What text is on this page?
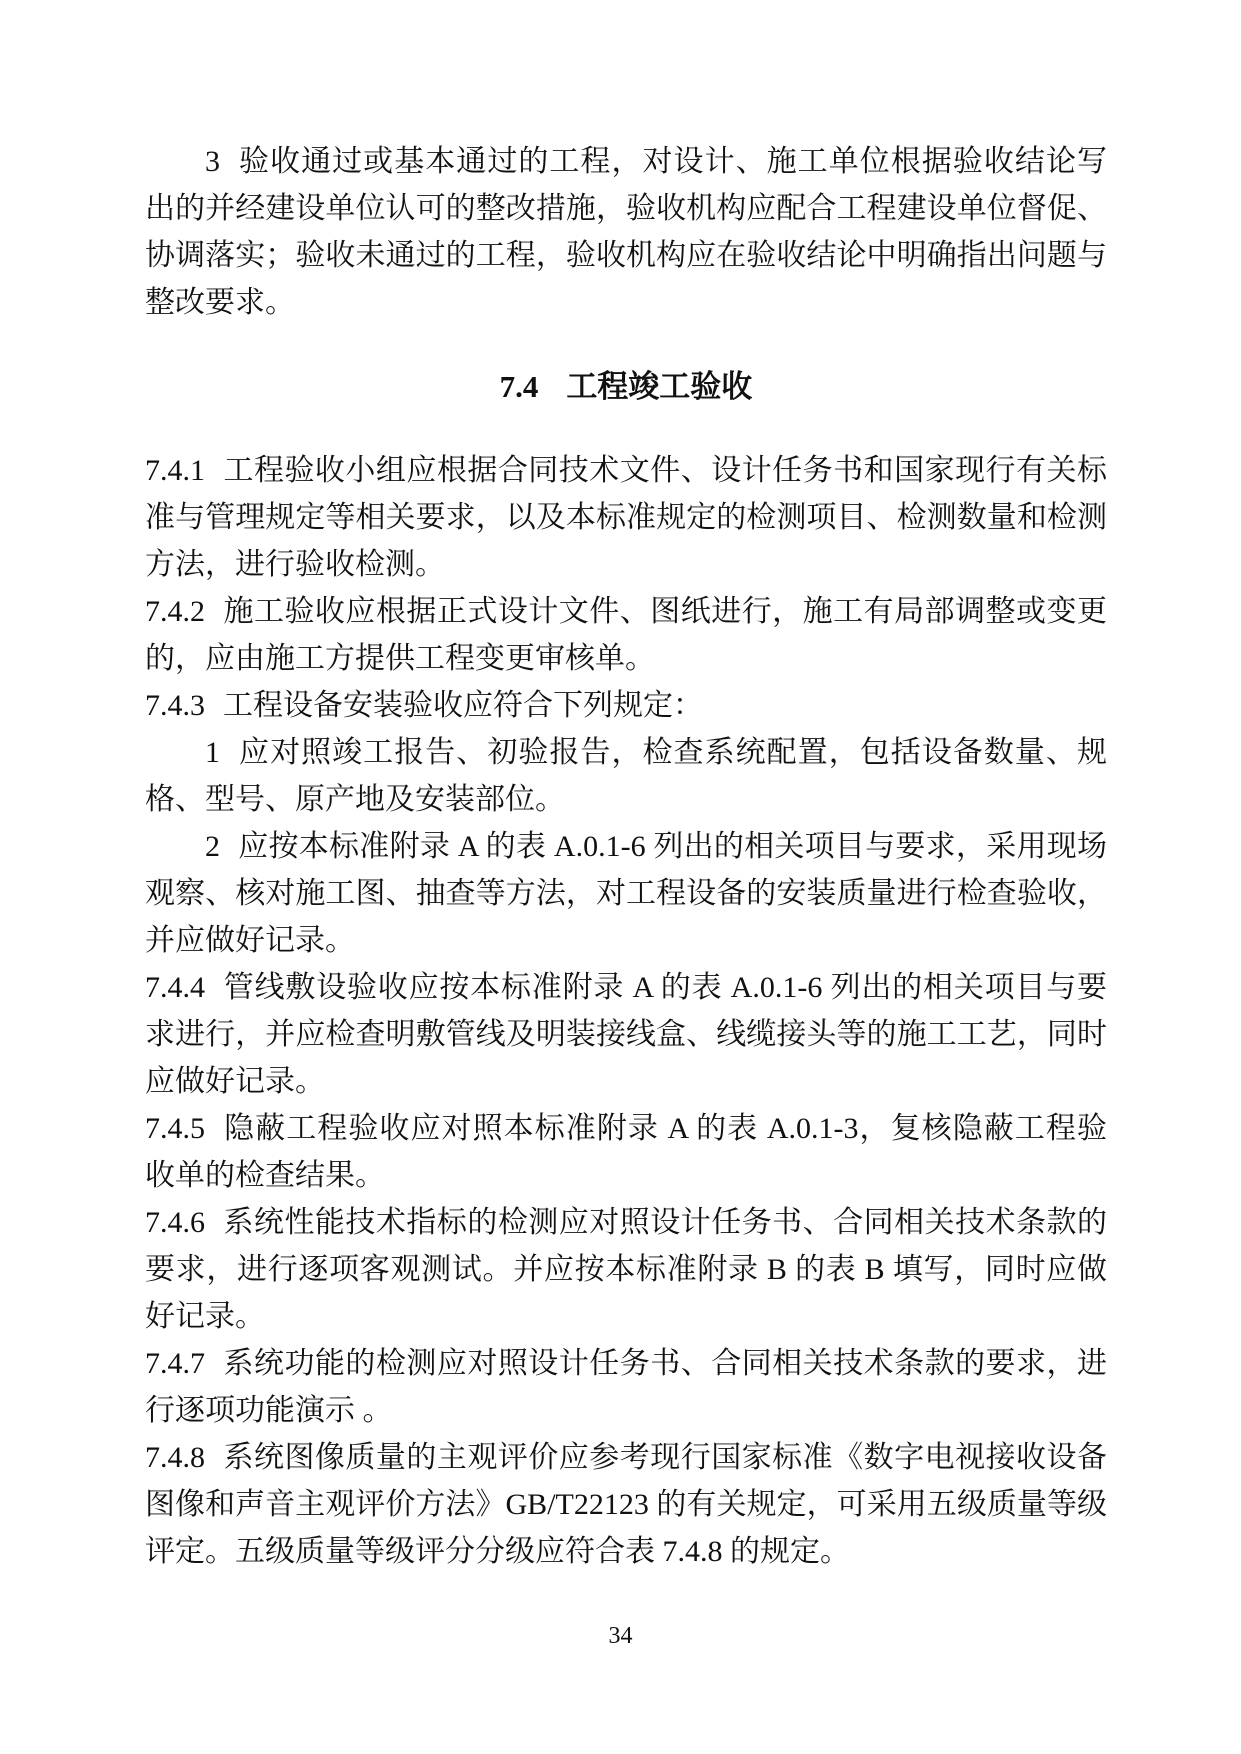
3 验收通过或基本通过的工程，对设计、施工单位根据验收结论写出的并经建设单位认可的整改措施，验收机构应配合工程建设单位督促、协调落实；验收未通过的工程，验收机构应在验收结论中明确指出问题与整改要求。

7.4 工程竣工验收

7.4.1 工程验收小组应根据合同技术文件、设计任务书和国家现行有关标准与管理规定等相关要求，以及本标准规定的检测项目、检测数量和检测方法，进行验收检测。

7.4.2 施工验收应根据正式设计文件、图纸进行，施工有局部调整或变更的，应由施工方提供工程变更审核单。

7.4.3 工程设备安装验收应符合下列规定：

1 应对照竣工报告、初验报告，检查系统配置，包括设备数量、规格、型号、原产地及安装部位。

2 应按本标准附录 A 的表 A.0.1-6 列出的相关项目与要求，采用现场观察、核对施工图、抽查等方法，对工程设备的安装质量进行检查验收，并应做好记录。

7.4.4 管线敷设验收应按本标准附录 A 的表 A.0.1-6 列出的相关项目与要求进行，并应检查明敷管线及明装接线盒、线缆接头等的施工工艺，同时应做好记录。

7.4.5 隐蔽工程验收应对照本标准附录 A 的表 A.0.1-3，复核隐蔽工程验收单的检查结果。

7.4.6 系统性能技术指标的检测应对照设计任务书、合同相关技术条款的要求，进行逐项客观测试。并应按本标准附录 B 的表 B 填写，同时应做好记录。

7.4.7 系统功能的检测应对照设计任务书、合同相关技术条款的要求，进行逐项功能演示 。

7.4.8 系统图像质量的主观评价应参考现行国家标准《数字电视接收设备图像和声音主观评价方法》GB/T22123 的有关规定，可采用五级质量等级评定。五级质量等级评分分级应符合表 7.4.8 的规定。

34
